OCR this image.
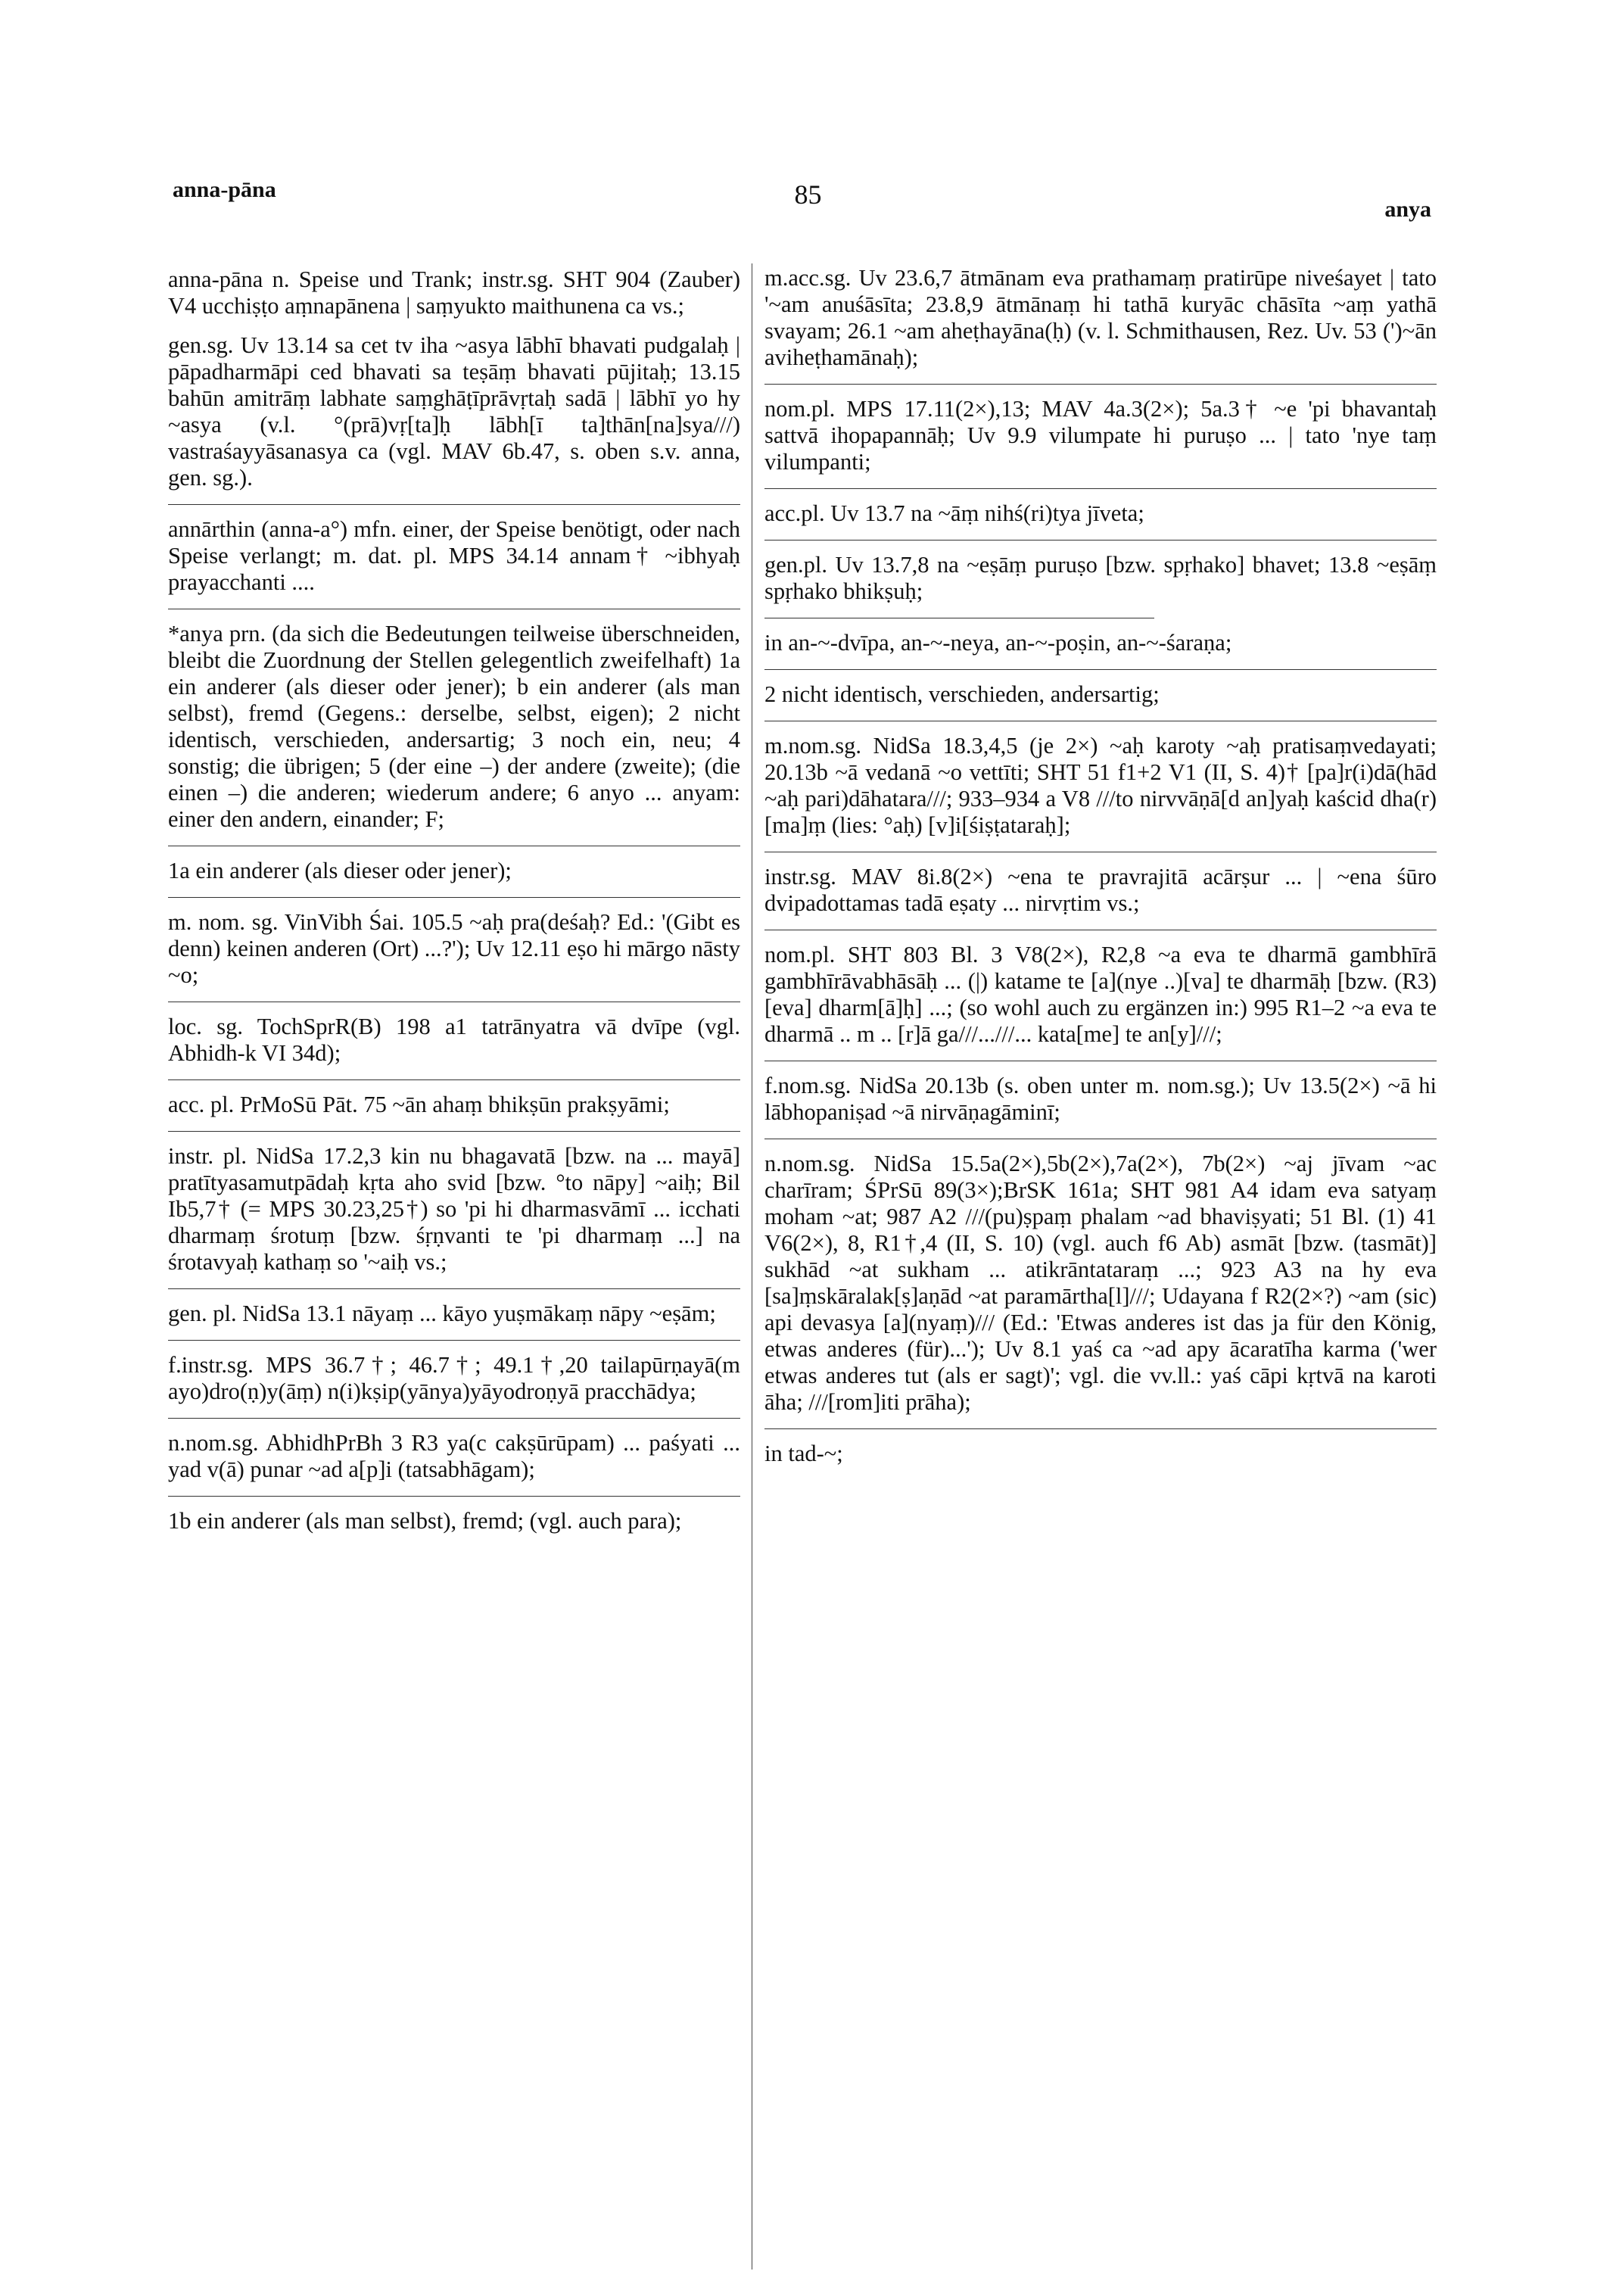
anna-pāna	85	anya
anna-pāna n. Speise und Trank; instr.sg. SHT 904 (Zauber) V4 ucchiṣṭo aṃnapānena | saṃyukto maithunena ca vs.;
gen.sg. Uv 13.14 sa cet tv iha ~asya lābhī bhavati pudgalaḥ | pāpadharmāpi ced bhavati sa teṣāṃ bhavati pūjitaḥ; 13.15 bahūn amitrāṃ labhate saṃghāṭīprāvṛtaḥ sadā | lābhī yo hy ~asya (v.l. °(prā)vṛ[ta]ḥ lābh[ī ta]thān[na]sya///) vastraśayyāsanasya ca (vgl. MAV 6b.47, s. oben s.v. anna, gen. sg.).
annārthin (anna-a°) mfn. einer, der Speise benötigt, oder nach Speise verlangt; m. dat. pl. MPS 34.14 annam† ~ibhyaḥ prayacchanti ....
*anya prn. (da sich die Bedeutungen teilweise überschneiden, bleibt die Zuordnung der Stellen gelegentlich zweifelhaft) 1a ein anderer (als dieser oder jener); b ein anderer (als man selbst), fremd (Gegens.: derselbe, selbst, eigen); 2 nicht identisch, verschieden, andersartig; 3 noch ein, neu; 4 sonstig; die übrigen; 5 (der eine –) der andere (zweite); (die einen –) die anderen; wiederum andere; 6 anyo ... anyam: einer den andern, einander; F;
1a ein anderer (als dieser oder jener);
m. nom. sg. VinVibh Śai. 105.5 ~aḥ pra(deśaḥ? Ed.: '(Gibt es denn) keinen anderen (Ort) ...?'); Uv 12.11 eṣo hi mārgo nāsty ~o;
loc. sg. TochSprR(B) 198 a1 tatrānyatra vā dvīpe (vgl. Abhidh-k VI 34d);
acc. pl. PrMoSū Pāt. 75 ~ān ahaṃ bhikṣūn prakṣyāmi;
instr. pl. NidSa 17.2,3 kin nu bhagavatā [bzw. na ... mayā] pratītyasamutpādaḥ kṛta aho svid [bzw. °to nāpy] ~aiḥ; Bil Ib5,7† (= MPS 30.23,25†) so 'pi hi dharmasvāmī ... icchati dharmaṃ śrotuṃ [bzw. śṛṇvanti te 'pi dharmaṃ ...] na śrotavyaḥ kathaṃ so '~aiḥ vs.;
gen. pl. NidSa 13.1 nāyaṃ ... kāyo yuṣmākaṃ nāpy ~eṣām;
f.instr.sg. MPS 36.7†; 46.7†; 49.1†,20 tailapūrṇayā(m ayo)dro(ṇ)y(āṃ) n(i)kṣip(yānya)yāyodroṇyā pracchādya;
n.nom.sg. AbhidhPrBh 3 R3 ya(c cakṣūrūpam) ... paśyati ... yad v(ā) punar ~ad a[p]i (tatsabhāgam);
1b ein anderer (als man selbst), fremd; (vgl. auch para);
m.acc.sg. Uv 23.6,7 ātmānam eva prathamaṃ pratirūpe niveśayet | tato '~am anuśāsīta; 23.8,9 ātmānaṃ hi tathā kuryāc chāsīta ~aṃ yathā svayam; 26.1 ~am aheṭhayāna(ḥ) (v. l. Schmithausen, Rez. Uv. 53 (')~ān aviheṭhamānaḥ);
nom.pl. MPS 17.11(2×),13; MAV 4a.3(2×); 5a.3† ~e 'pi bhavantaḥ sattvā ihopapannāḥ; Uv 9.9 vilumpate hi puruṣo ... | tato 'nye taṃ vilumpanti;
acc.pl. Uv 13.7 na ~āṃ nihś(ri)tya jīveta;
gen.pl. Uv 13.7,8 na ~eṣāṃ puruṣo [bzw. spṛhako] bhavet; 13.8 ~eṣāṃ spṛhako bhikṣuḥ;
in an-~-dvīpa, an-~-neya, an-~-poṣin, an-~-śaraṇa;
2 nicht identisch, verschieden, andersartig;
m.nom.sg. NidSa 18.3,4,5 (je 2×) ~aḥ karoty ~aḥ pratisaṃvedayati; 20.13b ~ā vedanā ~o vettīti; SHT 51 f1+2 V1 (II, S. 4)† [pa]r(i)dā(hād ~aḥ pari)dāhatara///; 933–934 a V8 ///to nirvvāṇā[d an]yaḥ kaścid dha(r)[ma]ṃ (lies: °aḥ) [v]i[śiṣṭataraḥ];
instr.sg. MAV 8i.8(2×) ~ena te pravrajitā acārṣur ... | ~ena śūro dvipadottamas tadā eṣaty ... nirvṛtim vs.;
nom.pl. SHT 803 Bl. 3 V8(2×), R2,8 ~a eva te dharmā gambhīrā gambhīrāvabhāsāḥ ... (|) katame te [a](nye ..)[va] te dharmāḥ [bzw. (R3) [eva] dharm[ā]ḥ] ...; (so wohl auch zu ergänzen in:) 995 R1–2 ~a eva te dharmā .. m .. [r]ā ga///...///... kata[me] te an[y]///;
f.nom.sg. NidSa 20.13b (s. oben unter m. nom.sg.); Uv 13.5(2×) ~ā hi lābhopaniṣad ~ā nirvāṇagāminī;
n.nom.sg. NidSa 15.5a(2×),5b(2×),7a(2×), 7b(2×) ~aj jīvam ~ac charīram; ŚPrSū 89(3×);BrSK 161a; SHT 981 A4 idam eva satyaṃ moham ~at; 987 A2 ///(pu)ṣpaṃ phalam ~ad bhaviṣyati; 51 Bl. (1) 41 V6(2×), 8, R1†,4 (II, S. 10) (vgl. auch f6 Ab) asmāt [bzw. (tasmāt)] sukhād ~at sukham ... atikrāntataraṃ ...; 923 A3 na hy eva [sa]ṃskāralak[ṣ]aṇād ~at paramārtha[l]///; Udayana f R2(2×?) ~am (sic) api devasya [a](nyaṃ)/// (Ed.: 'Etwas anderes ist das ja für den König, etwas anderes (für)...'); Uv 8.1 yaś ca ~ad apy ācaratīha karma ('wer etwas anderes tut (als er sagt)'; vgl. die vv.ll.: yaś cāpi kṛtvā na karoti āha; ///[rom]iti prāha);
in tad-~;
